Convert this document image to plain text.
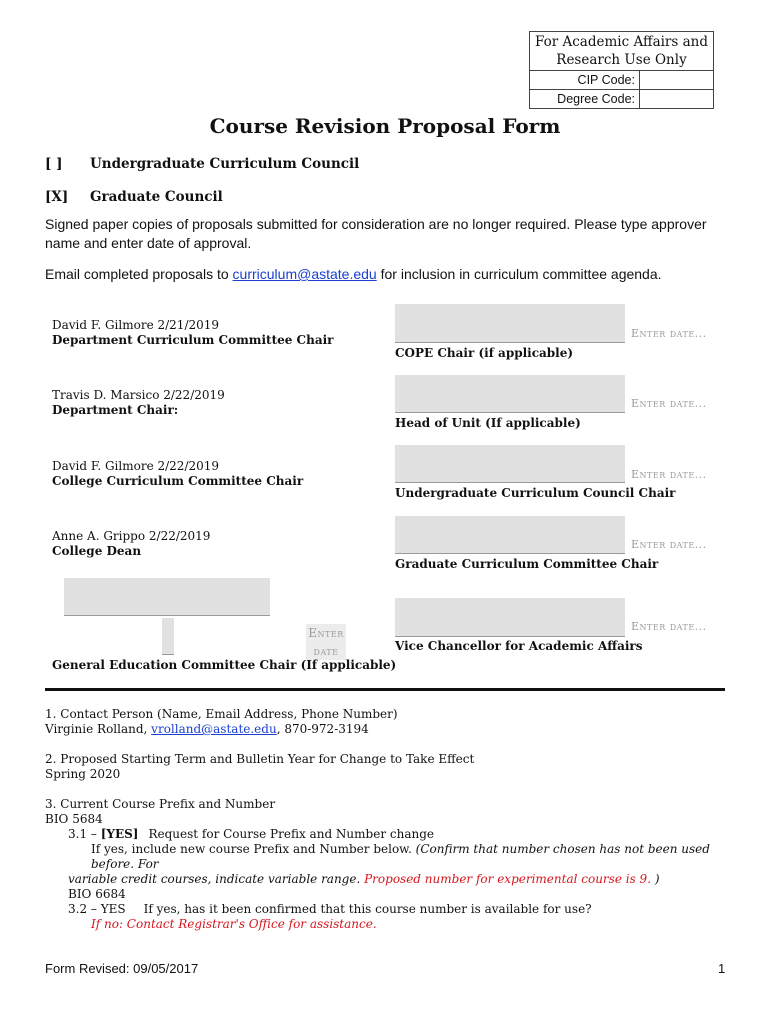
For Academic Affairs and Research Use Only
CIP Code:
Degree Code:
Course Revision Proposal Form
[ ] Undergraduate Curriculum Council
[X] Graduate Council
Signed paper copies of proposals submitted for consideration are no longer required. Please type approver name and enter date of approval.
Email completed proposals to curriculum@astate.edu for inclusion in curriculum committee agenda.
David F. Gilmore 2/21/2019
Department Curriculum Committee Chair
Travis D. Marsico 2/22/2019
Department Chair:
David F. Gilmore 2/22/2019
College Curriculum Committee Chair
Anne A. Grippo 2/22/2019
College Dean
Enter
date
General Education Committee Chair (If applicable)
Enter date...
COPE Chair (if applicable)
Enter date...
Head of Unit (If applicable)
Enter date...
Undergraduate Curriculum Council Chair
Enter date...
Graduate Curriculum Committee Chair
Enter date...
Vice Chancellor for Academic Affairs
1. Contact Person (Name, Email Address, Phone Number)
Virginie Rolland, vrolland@astate.edu, 870-972-3194
2. Proposed Starting Term and Bulletin Year for Change to Take Effect
Spring 2020
3. Current Course Prefix and Number
BIO 5684
3.1 – [YES] Request for Course Prefix and Number change
If yes, include new course Prefix and Number below. (Confirm that number chosen has not been used before. For
variable credit courses, indicate variable range. Proposed number for experimental course is 9. )
BIO 6684
3.2 – YES If yes, has it been confirmed that this course number is available for use?
If no: Contact Registrar's Office for assistance.
Form Revised: 09/05/2017	1
